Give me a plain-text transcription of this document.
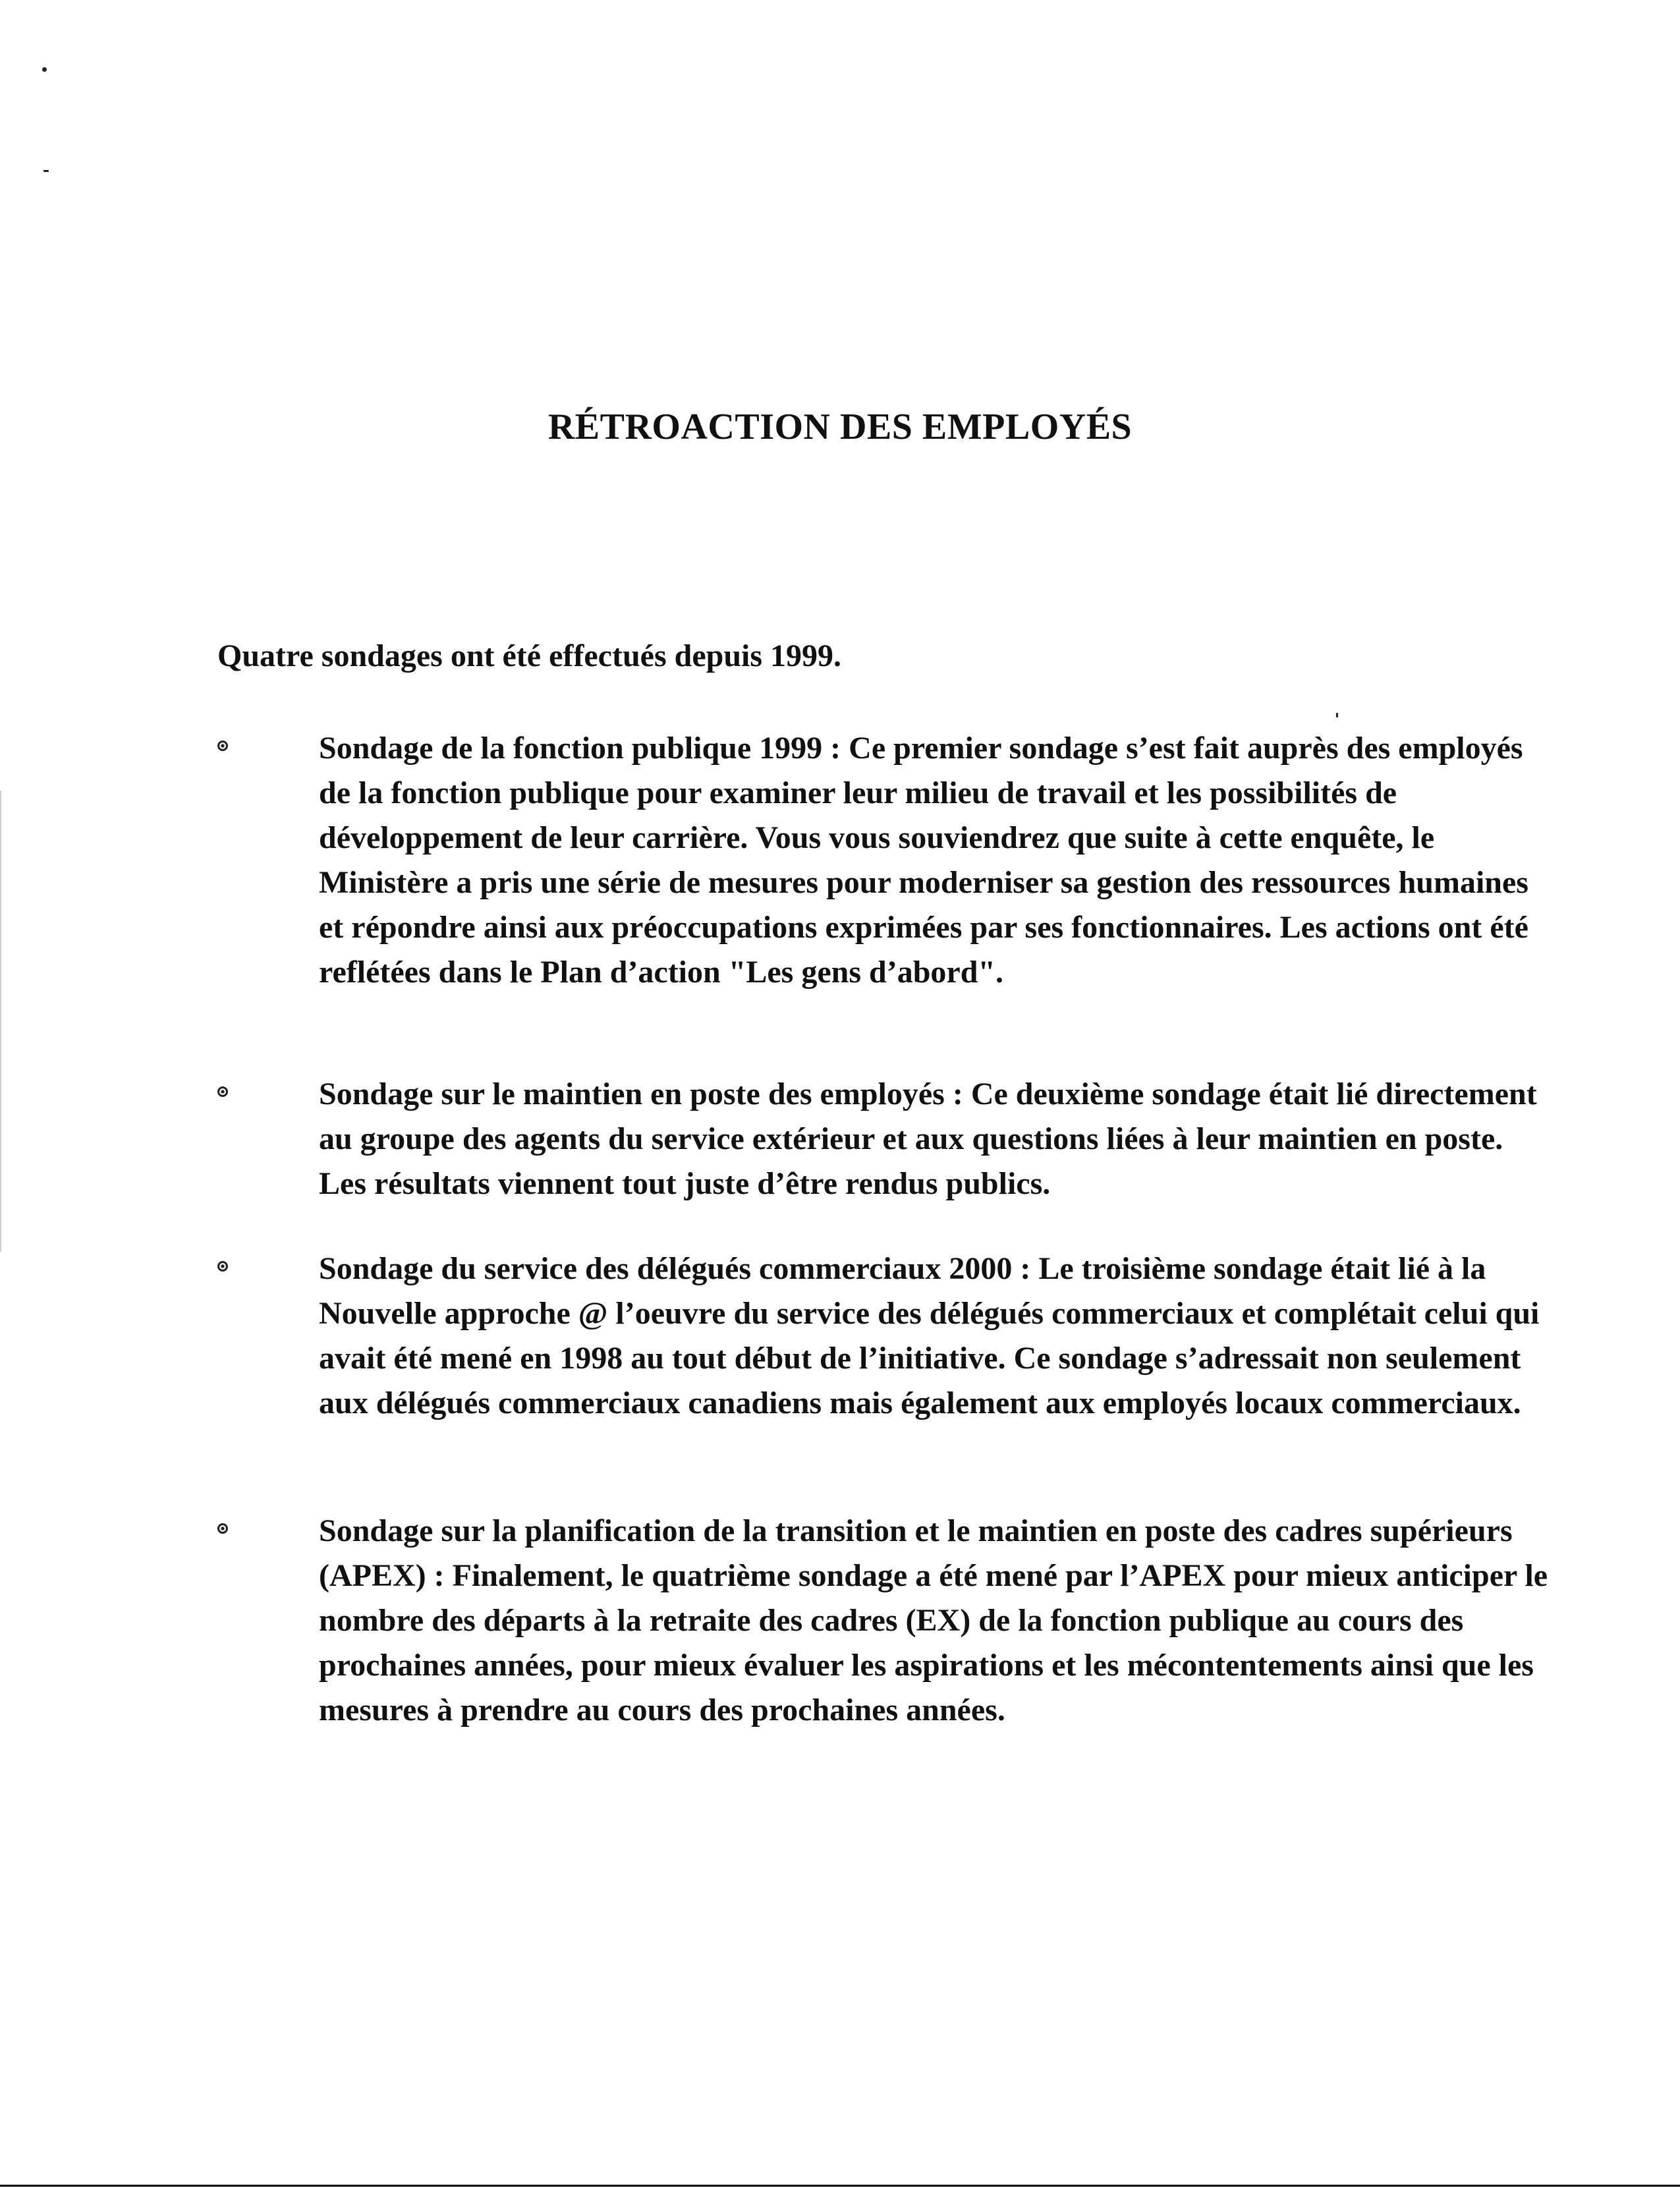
RÉTROACTION DES EMPLOYÉS

Quatre sondages ont été effectués depuis 1999.

Sondage de la fonction publique 1999 : Ce premier sondage s’est fait auprès des employés de la fonction publique pour examiner leur milieu de travail et les possibilités de développement de leur carrière. Vous vous souviendrez que suite à cette enquête, le Ministère a pris une série de mesures pour moderniser sa gestion des ressources humaines et répondre ainsi aux préoccupations exprimées par ses fonctionnaires. Les actions ont été reflétées dans le Plan d’action "Les gens d’abord".

Sondage sur le maintien en poste des employés : Ce deuxième sondage était lié directement au groupe des agents du service extérieur et aux questions liées à leur maintien en poste. Les résultats viennent tout juste d’être rendus publics.

Sondage du service des délégués commerciaux 2000 : Le troisième sondage était lié à la Nouvelle approche @ l’oeuvre du service des délégués commerciaux et complétait celui qui avait été mené en 1998 au tout début de l’initiative. Ce sondage s’adressait non seulement aux délégués commerciaux canadiens mais également aux employés locaux commerciaux.

Sondage sur la planification de la transition et le maintien en poste des cadres supérieurs (APEX) : Finalement, le quatrième sondage a été mené par l’APEX pour mieux anticiper le nombre des départs à la retraite des cadres (EX) de la fonction publique au cours des prochaines années, pour mieux évaluer les aspirations et les mécontentements ainsi que les mesures à prendre au cours des prochaines années.
